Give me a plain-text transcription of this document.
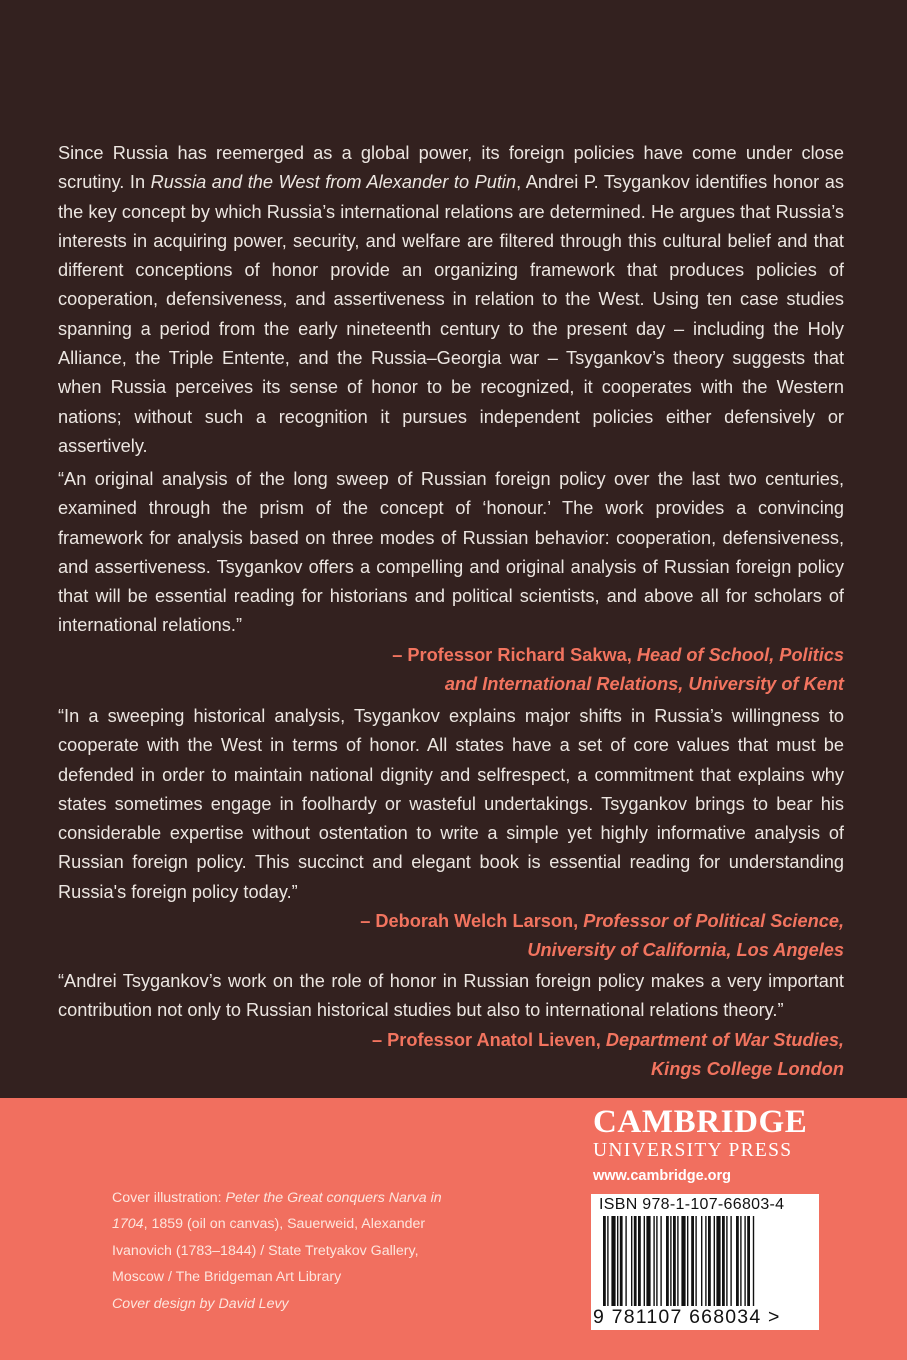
Since Russia has reemerged as a global power, its foreign policies have come under close scrutiny. In Russia and the West from Alexander to Putin, Andrei P. Tsygankov identifies honor as the key concept by which Russia’s international relations are determined. He argues that Russia’s interests in acquiring power, security, and welfare are filtered through this cultural belief and that different conceptions of honor provide an organizing framework that produces policies of cooperation, defensiveness, and assertiveness in relation to the West. Using ten case studies spanning a period from the early nineteenth century to the present day – including the Holy Alliance, the Triple Entente, and the Russia–Georgia war – Tsygankov’s theory suggests that when Russia perceives its sense of honor to be recognized, it cooperates with the Western nations; without such a recognition it pursues independent policies either defensively or assertively.
“An original analysis of the long sweep of Russian foreign policy over the last two centuries, examined through the prism of the concept of ‘honour.’ The work provides a convincing framework for analysis based on three modes of Russian behavior: cooperation, defensiveness, and assertiveness. Tsygankov offers a compelling and original analysis of Russian foreign policy that will be essential reading for historians and political scientists, and above all for scholars of international relations.”
– Professor Richard Sakwa, Head of School, Politics
and International Relations, University of Kent
“In a sweeping historical analysis, Tsygankov explains major shifts in Russia’s willingness to cooperate with the West in terms of honor. All states have a set of core values that must be defended in order to maintain national dignity and selfrespect, a commitment that explains why states sometimes engage in foolhardy or wasteful undertakings. Tsygankov brings to bear his considerable expertise without ostentation to write a simple yet highly informative analysis of Russian foreign policy. This succinct and elegant book is essential reading for understanding Russia's foreign policy today.”
– Deborah Welch Larson, Professor of Political Science,
University of California, Los Angeles
“Andrei Tsygankov’s work on the role of honor in Russian foreign policy makes a very important contribution not only to Russian historical studies but also to international relations theory.”
– Professor Anatol Lieven, Department of War Studies,
Kings College London
Cover illustration: Peter the Great conquers Narva in 1704, 1859 (oil on canvas), Sauerweid, Alexander Ivanovich (1783–1844) / State Tretyakov Gallery, Moscow / The Bridgeman Art Library
Cover design by David Levy
CAMBRIDGE
UNIVERSITY PRESS
www.cambridge.org
ISBN 978-1-107-66803-4
9 781107 668034 >
